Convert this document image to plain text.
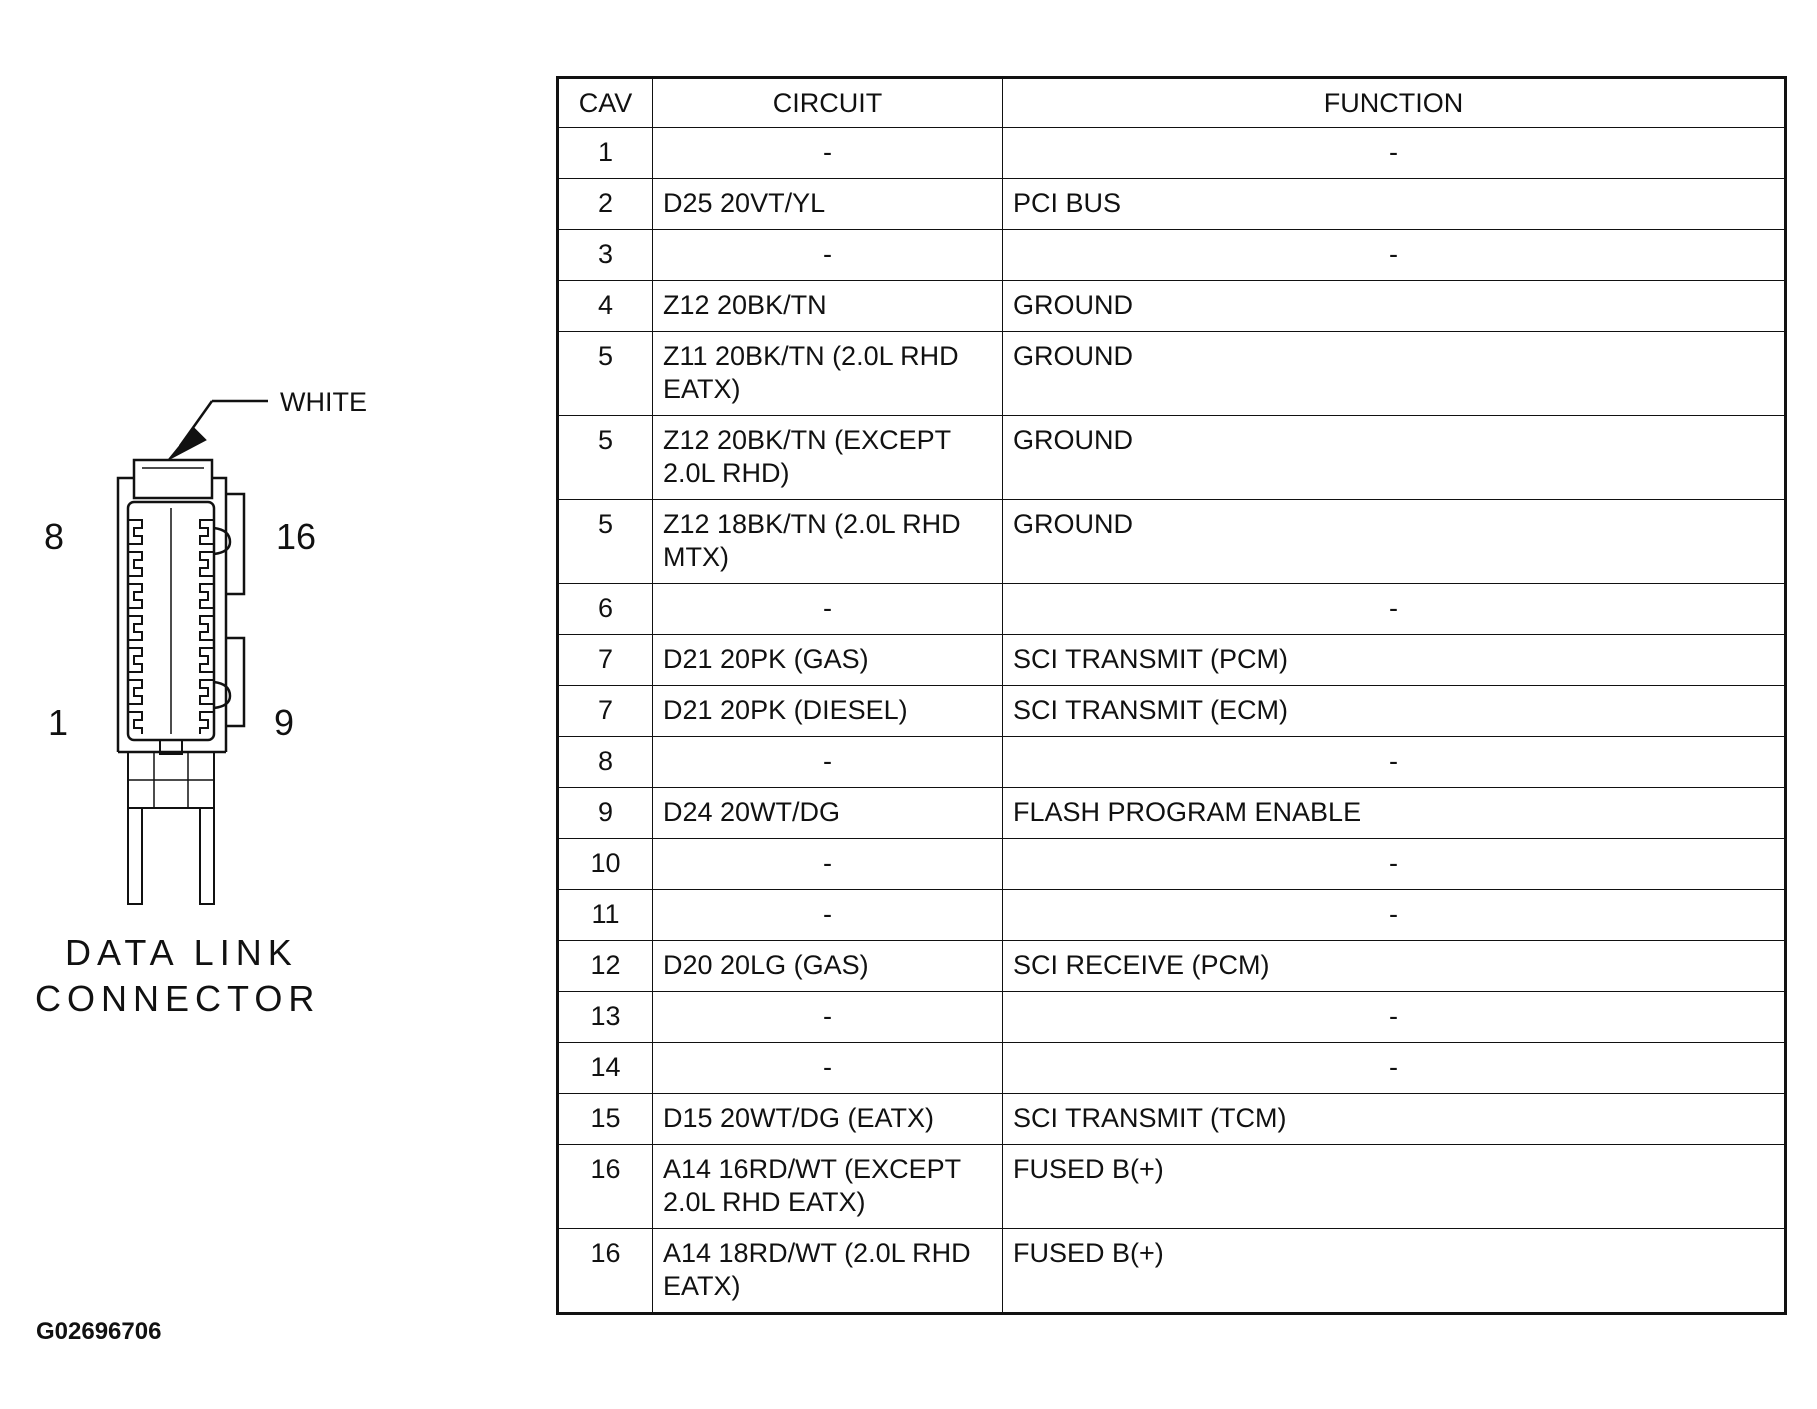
WHITE
8	16
1	9
DATA LINK
CONNECTOR
CAV	CIRCUIT	FUNCTION
1	-	-
2	D25 20VT/YL	PCI BUS
3	-	-
4	Z12 20BK/TN	GROUND
5	Z11 20BK/TN (2.0L RHD EATX)	GROUND
5	Z12 20BK/TN (EXCEPT 2.0L RHD)	GROUND
5	Z12 18BK/TN (2.0L RHD MTX)	GROUND
6	-	-
7	D21 20PK (GAS)	SCI TRANSMIT (PCM)
7	D21 20PK (DIESEL)	SCI TRANSMIT (ECM)
8	-	-
9	D24 20WT/DG	FLASH PROGRAM ENABLE
10	-	-
11	-	-
12	D20 20LG (GAS)	SCI RECEIVE (PCM)
13	-	-
14	-	-
15	D15 20WT/DG (EATX)	SCI TRANSMIT (TCM)
16	A14 16RD/WT (EXCEPT 2.0L RHD EATX)	FUSED B(+)
16	A14 18RD/WT (2.0L RHD EATX)	FUSED B(+)
G02696706
